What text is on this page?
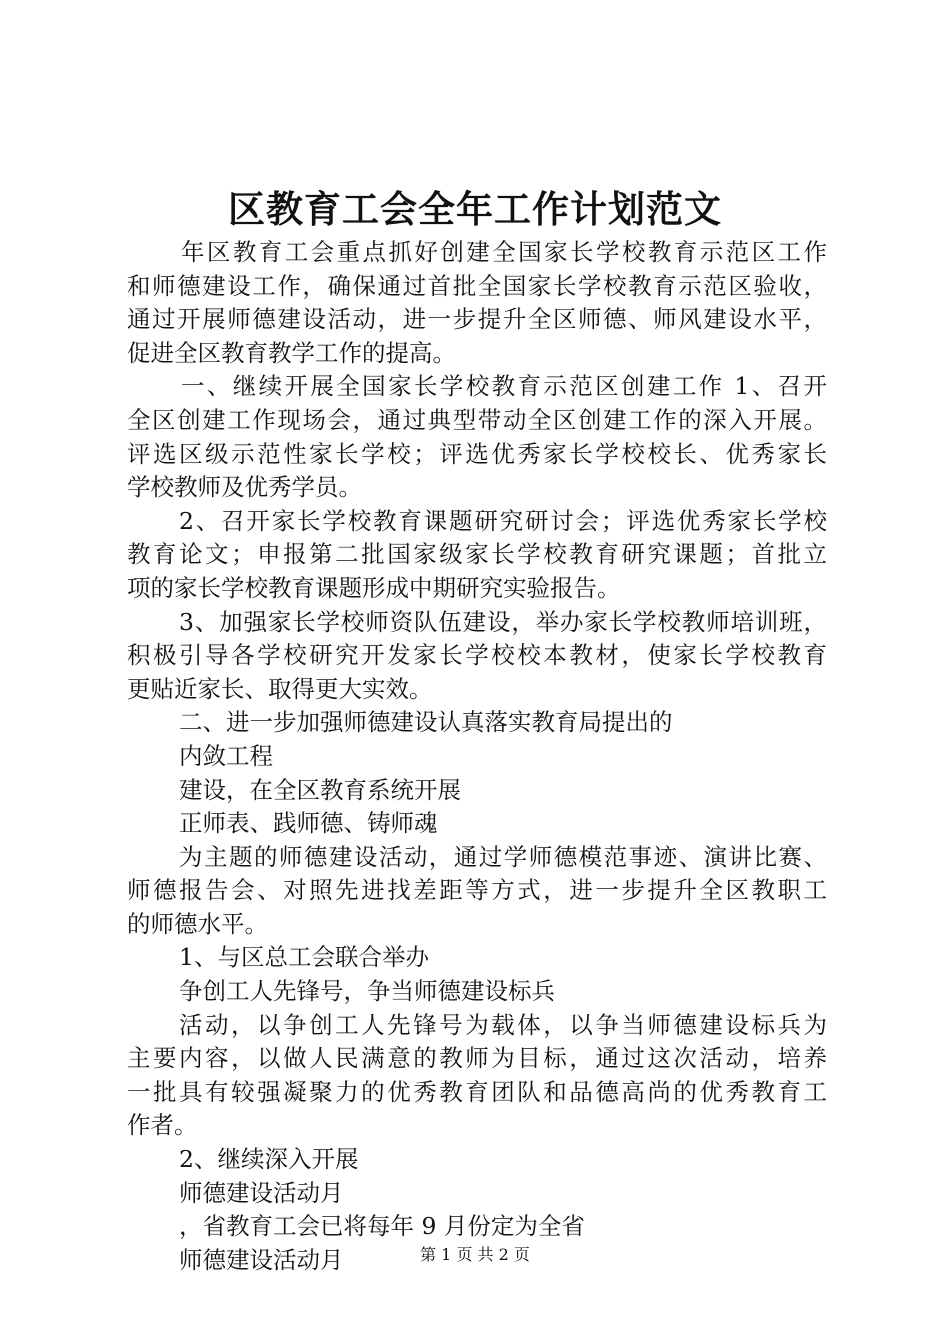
区教育工会全年工作计划范文
年区教育工会重点抓好创建全国家长学校教育示范区工作
和师德建设工作，确保通过首批全国家长学校教育示范区验收，
通过开展师德建设活动，进一步提升全区师德、师风建设水平，
促进全区教育教学工作的提高。
一、继续开展全国家长学校教育示范区创建工作 1、召开
全区创建工作现场会，通过典型带动全区创建工作的深入开展。
评选区级示范性家长学校；评选优秀家长学校校长、优秀家长
学校教师及优秀学员。
2、召开家长学校教育课题研究研讨会；评选优秀家长学校
教育论文；申报第二批国家级家长学校教育研究课题；首批立
项的家长学校教育课题形成中期研究实验报告。
3、加强家长学校师资队伍建设，举办家长学校教师培训班，
积极引导各学校研究开发家长学校校本教材，使家长学校教育
更贴近家长、取得更大实效。
二、进一步加强师德建设认真落实教育局提出的
内敛工程
建设，在全区教育系统开展
正师表、践师德、铸师魂
为主题的师德建设活动，通过学师德模范事迹、演讲比赛、
师德报告会、对照先进找差距等方式，进一步提升全区教职工
的师德水平。
1、与区总工会联合举办
争创工人先锋号，争当师德建设标兵
活动，以争创工人先锋号为载体，以争当师德建设标兵为
主要内容，以做人民满意的教师为目标，通过这次活动，培养
一批具有较强凝聚力的优秀教育团队和品德高尚的优秀教育工
作者。
2、继续深入开展
师德建设活动月
，省教育工会已将每年 9 月份定为全省
师德建设活动月	第 1 页 共 2 页
